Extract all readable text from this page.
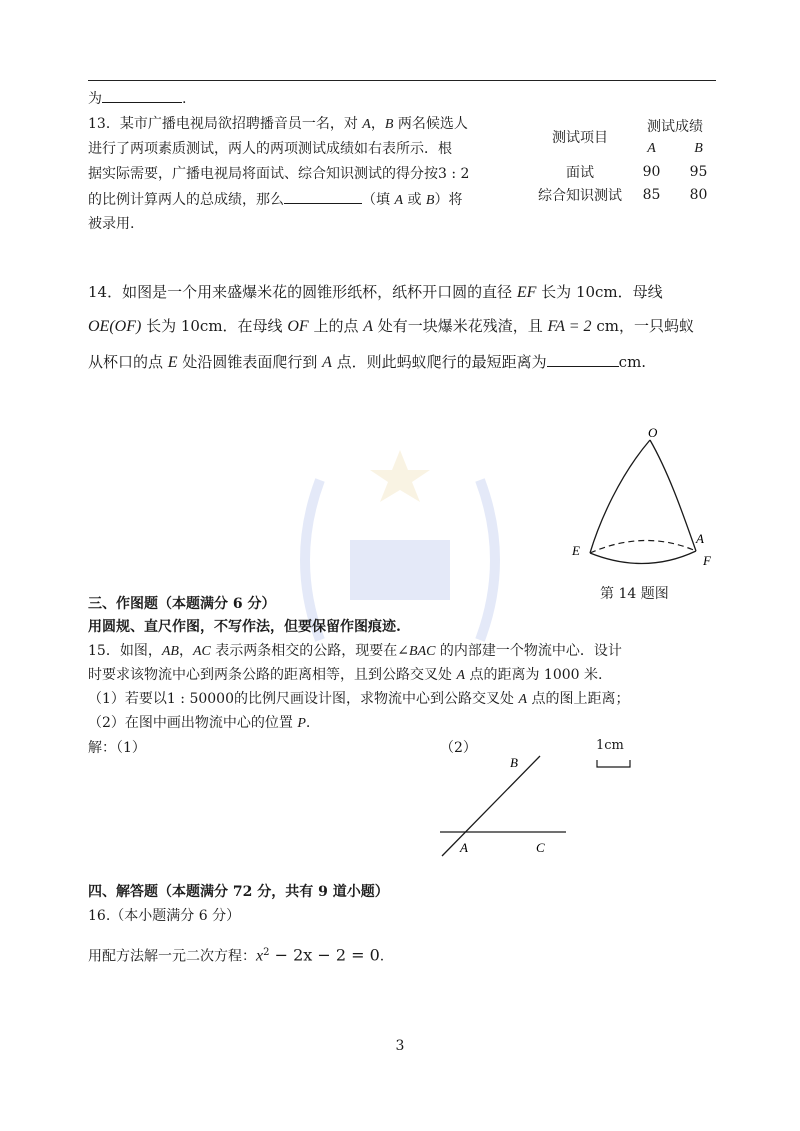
为	.
13．某市广播电视局欲招聘播音员一名，对 A，B 两名候选人
进行了两项素质测试，两人的两项测试成绩如右表所示．根
据实际需要，广播电视局将面试、综合知识测试的得分按3 : 2
的比例计算两人的总成绩，那么	（填 A 或 B）将
被录用.
测试项目	测试成绩	
	A	B
面试	90	95
综合知识测试	85	80
14．如图是一个用来盛爆米花的圆锥形纸杯，纸杯开口圆的直径 EF 长为 10cm．母线
OE(OF) 长为 10cm．在母线 OF 上的点 A 处有一块爆米花残渣，且 FA = 2 cm，一只蚂蚁
从杯口的点 E 处沿圆锥表面爬行到 A 点．则此蚂蚁爬行的最短距离为	cm.
O
A
E
F
第 14 题图
三、作图题（本题满分 6 分）
用圆规、直尺作图，不写作法，但要保留作图痕迹.
15．如图，AB，AC 表示两条相交的公路，现要在∠BAC 的内部建一个物流中心．设计
时要求该物流中心到两条公路的距离相等，且到公路交叉处 A 点的距离为 1000 米.
（1）若要以1 : 50000的比例尺画设计图，求物流中心到公路交叉处 A 点的图上距离；
（2）在图中画出物流中心的位置 P.
解：（1）	（2）
B
A	C
1cm
四、解答题（本题满分 72 分，共有 9 道小题）
16.（本小题满分 6 分）
用配方法解一元二次方程：$x^2 - 2x - 2 = 0$.
3
